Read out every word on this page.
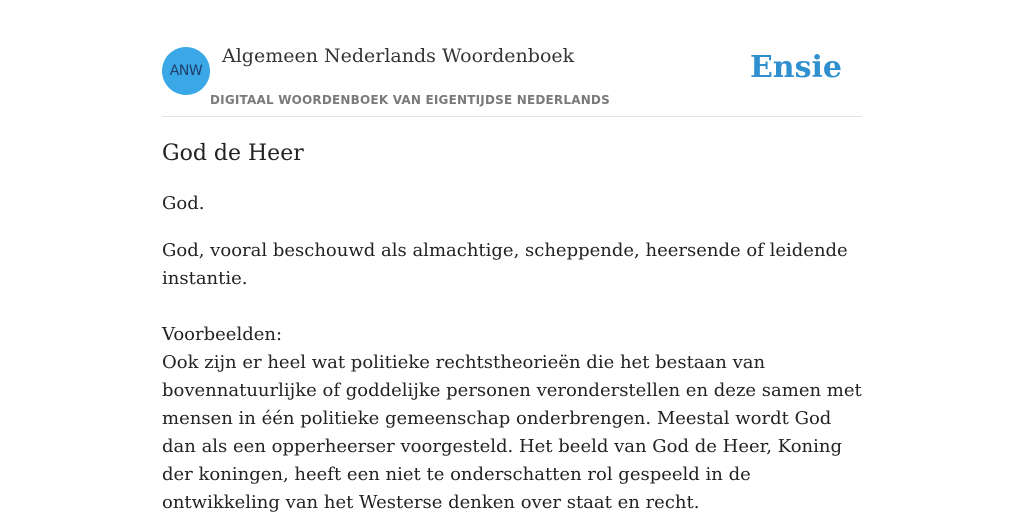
ANW
Algemeen Nederlands Woordenboek
DIGITAAL WOORDENBOEK VAN EIGENTIJDSE NEDERLANDS
Ensie
God de Heer

God.

God, vooral beschouwd als almachtige, scheppende, heersende of leidende instantie.

Voorbeelden:

Ook zijn er heel wat politieke rechtstheorieën die het bestaan van bovennatuurlijke of goddelijke personen veronderstellen en deze samen met mensen in één politieke gemeenschap onderbrengen. Meestal wordt God dan als een opperheerser voorgesteld. Het beeld van God de Heer, Koning der koningen, heeft een niet te onderschatten rol gespeeld in de ontwikkeling van het Westerse denken over staat en recht.
